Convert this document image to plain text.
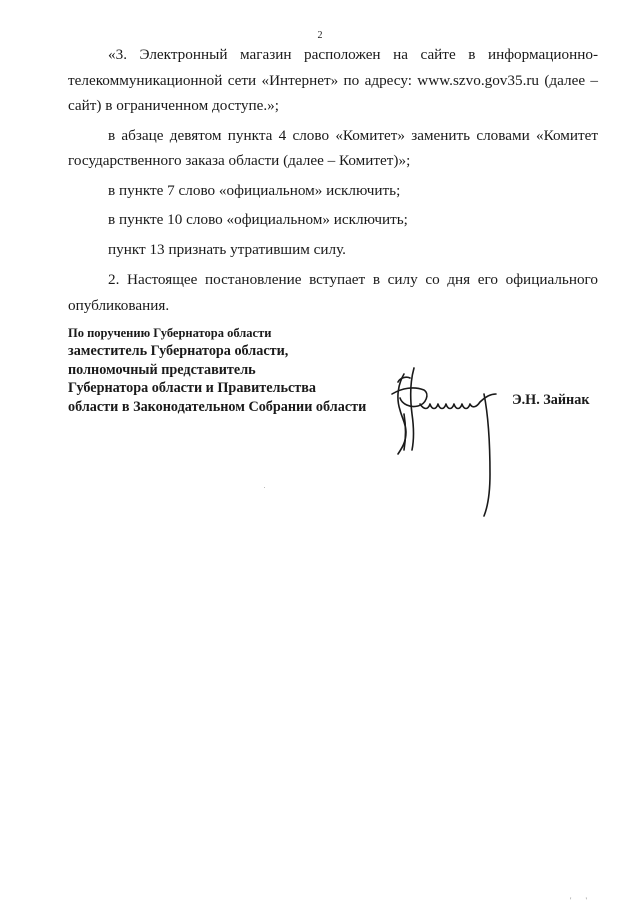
2

«3. Электронный магазин расположен на сайте в информационно-телекоммуникационной сети «Интернет» по адресу: www.szvo.gov35.ru (далее – сайт) в ограниченном доступе.»;

в абзаце девятом пункта 4 слово «Комитет» заменить словами «Комитет государственного заказа области (далее – Комитет)»;

в пункте 7 слово «официальном» исключить;

в пункте 10 слово «официальном» исключить;

пункт 13 признать утратившим силу.

2. Настоящее постановление вступает в силу со дня его официального опубликования.

По поручению Губернатора области
заместитель Губернатора области,
полномочный представитель
Губернатора области и Правительства
области в Законодательном Собрании области	Э.Н. Зайнак
' '
